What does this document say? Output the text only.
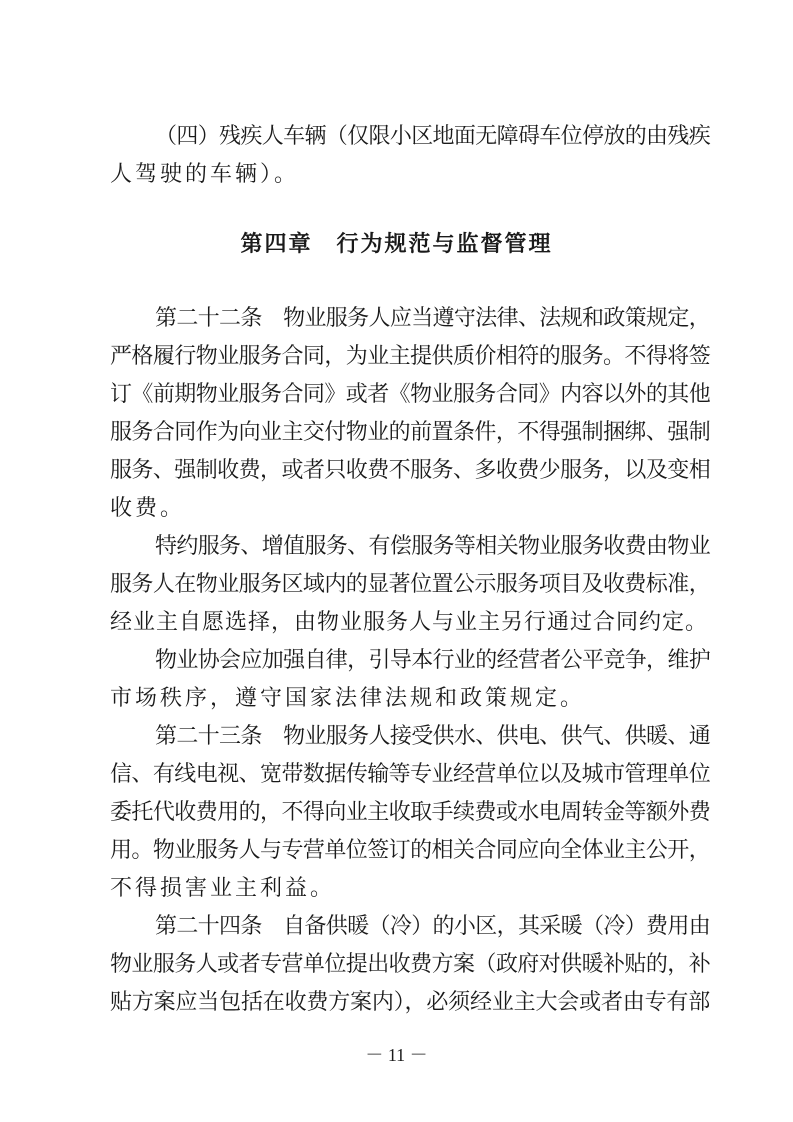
（四）残疾人车辆（仅限小区地面无障碍车位停放的由残疾
人驾驶的车辆）。
第四章　行为规范与监督管理
第二十二条　物业服务人应当遵守法律、法规和政策规定，
严格履行物业服务合同，为业主提供质价相符的服务。不得将签
订《前期物业服务合同》或者《物业服务合同》内容以外的其他
服务合同作为向业主交付物业的前置条件，不得强制捆绑、强制
服务、强制收费，或者只收费不服务、多收费少服务，以及变相
收费。
特约服务、增值服务、有偿服务等相关物业服务收费由物业
服务人在物业服务区域内的显著位置公示服务项目及收费标准，
经业主自愿选择，由物业服务人与业主另行通过合同约定。
物业协会应加强自律，引导本行业的经营者公平竞争，维护
市场秩序，遵守国家法律法规和政策规定。
第二十三条　物业服务人接受供水、供电、供气、供暖、通
信、有线电视、宽带数据传输等专业经营单位以及城市管理单位
委托代收费用的，不得向业主收取手续费或水电周转金等额外费
用。物业服务人与专营单位签订的相关合同应向全体业主公开，
不得损害业主利益。
第二十四条　自备供暖（冷）的小区，其采暖（冷）费用由
物业服务人或者专营单位提出收费方案（政府对供暖补贴的，补
贴方案应当包括在收费方案内），必须经业主大会或者由专有部
－ 11 －
